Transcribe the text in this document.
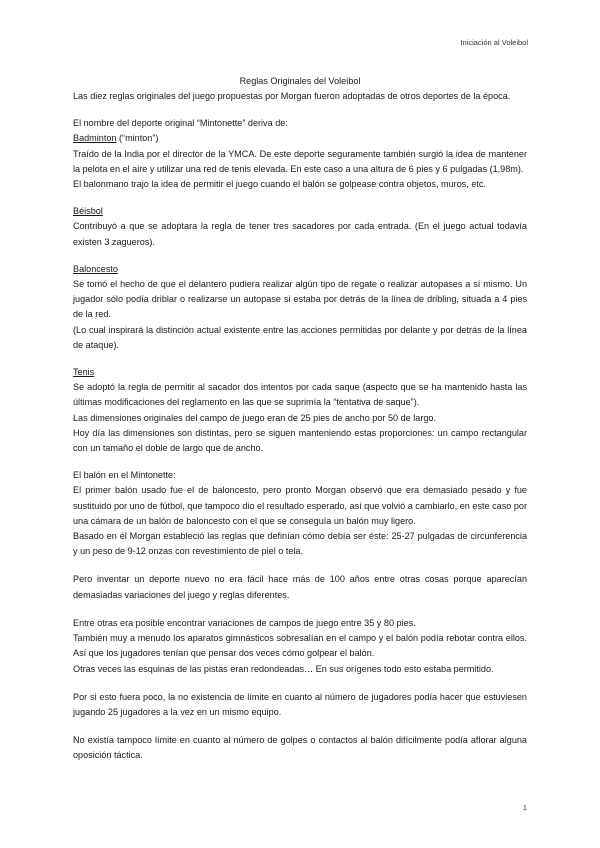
Iniciación al Voleibol

Reglas Originales del Voleibol

Las diez reglas originales del juego propuestas por Morgan fueron adoptadas de otros deportes de la época.

El nombre del deporte original “Mintonette” deriva de:

Badminton (“minton”)

Traído de la India por el director de la YMCA. De este deporte seguramente también surgió la idea de mantener la pelota en el aire y utilizar una red de tenis elevada. En este caso a una altura de 6 pies y 6 pulgadas (1,98m).

El balonmano trajo la idea de permitir el juego cuando el balón se golpease contra objetos, muros, etc.

Béisbol

Contribuyó a que se adoptara la regla de tener tres sacadores por cada entrada. (En el juego actual todavía existen 3 zagueros).

Baloncesto

Se tomó el hecho de que el delantero pudiera realizar algún tipo de regate o realizar autopases a sí mismo. Un jugador sólo podía driblar o realizarse un autopase si estaba por detrás de la línea de dribling, situada a 4 pies de la red.

(Lo cual inspirará la distinción actual existente entre las acciones permitidas por delante y por detrás de la línea de ataque).

Tenis

Se adoptó la regla de permitir al sacador dos intentos por cada saque (aspecto que se ha mantenido hasta las últimas modificaciones del reglamento en las que se suprimía la “tentativa de saque”).

Las dimensiones originales del campo de juego eran de 25 pies de ancho por 50 de largo.

Hoy día las dimensiones son distintas, pero se siguen manteniendo estas proporciones: un campo rectangular con un tamaño el doble de largo que de ancho.

El balón en el Mintonette:

El primer balón usado fue el de baloncesto, pero pronto Morgan observó que era demasiado pesado y fue sustituido por uno de fútbol, que tampoco dio el resultado esperado, así que volvió a cambiarlo, en este caso por una cámara de un balón de baloncesto con el que se conseguía un balón muy ligero.

Basado en él Morgan estableció las reglas que definían cómo debía ser éste: 25-27 pulgadas de circunferencia y un peso de 9-12 onzas con revestimiento de piel o tela.

Pero inventar un deporte nuevo no era fácil hace más de 100 años entre otras cosas porque aparecían demasiadas variaciones del juego y reglas diferentes.

Entre otras era posible encontrar variaciones de campos de juego entre 35 y 80 pies.

También muy a menudo los aparatos gimnásticos sobresalían en el campo y el balón podía rebotar contra ellos. Así que los jugadores tenían que pensar dos veces cómo golpear el balón.

Otras veces las esquinas de las pistas eran redondeadas… En sus orígenes todo esto estaba permitido.

Por si esto fuera poco, la no existencia de límite en cuanto al número de jugadores podía hacer que estuviesen jugando 25 jugadores a la vez en un mismo equipo.

No existía tampoco límite en cuanto al número de golpes o contactos al balón difícilmente podía aflorar alguna oposición táctica.

1
